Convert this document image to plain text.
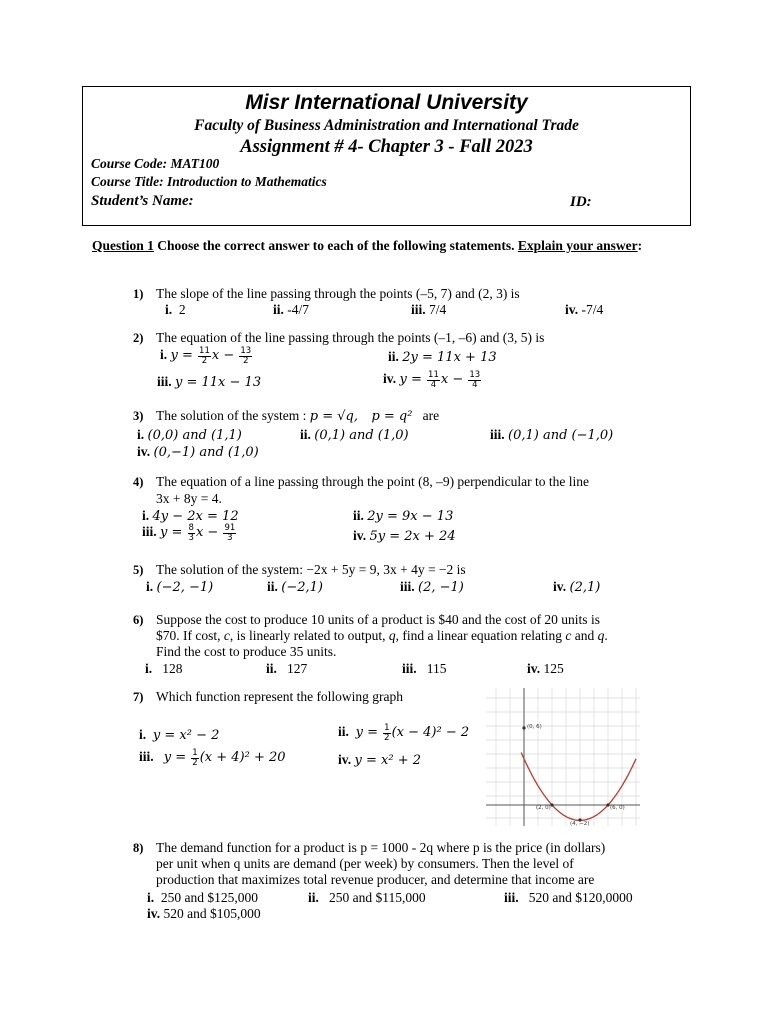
Misr International University
Faculty of Business Administration and International Trade
Assignment # 4- Chapter 3 - Fall 2023
Course Code: MAT100
Course Title: Introduction to Mathematics
Student’s Name:	ID:
Question 1 Choose the correct answer to each of the following statements. Explain your answer:
1) The slope of the line passing through the points (–5, 7) and (2, 3) is
i. 2	ii. -4/7	iii. 7/4	iv. -7/4
2) The equation of the line passing through the points (–1, –6) and (3, 5) is
i. $y = \frac{11}{2}$ $x - \frac{13}{2}$	ii. 2y = 11x + 13
iii. y = 11x − 13	iv. $y = \frac{11}{4}$ $x - \frac{13}{4}$
3) The solution of the system : p = √q, p = q² are
i. (0,0) and (1,1)	ii. (0,1) and (1,0)	iii. (0,1) and (−1,0)
iv. (0,−1) and (1,0)
4) The equation of a line passing through the point (8, –9) perpendicular to the line
3x + 8y = 4.
i. 4y − 2x = 12	ii. 2y = 9x − 13
iii. $y = \frac{8}{3}$ $x - \frac{91}{3}$	iv. 5y = 2x + 24
5) The solution of the system: −2x + 5y = 9, 3x + 4y = −2 is
i. (−2, −1)	ii. (−2,1)	iii. (2, −1)	iv. (2,1)
6) Suppose the cost to produce 10 units of a product is $40 and the cost of 20 units is
$70. If cost, c, is linearly related to output, q, find a linear equation relating c and q.
Find the cost to produce 35 units.
i. 128	ii. 127	iii. 115	iv. 125
7) Which function represent the following graph
i. y = x² − 2	ii. $y = \frac{1}{2} (x - 4)^2 - 2$
iii. $y = \frac{1}{2} (x + 4)^2 + 20$	iv. y = x² + 2
(0, 6)
(2, 0)
(4, −2)
(6, 0)
8) The demand function for a product is p = 1000 - 2q where p is the price (in dollars)
per unit when q units are demand (per week) by consumers. Then the level of
production that maximizes total revenue producer, and determine that income are
i. 250 and $125,000	ii. 250 and $115,000	iii. 520 and $120,0000
iv. 520 and $105,000
